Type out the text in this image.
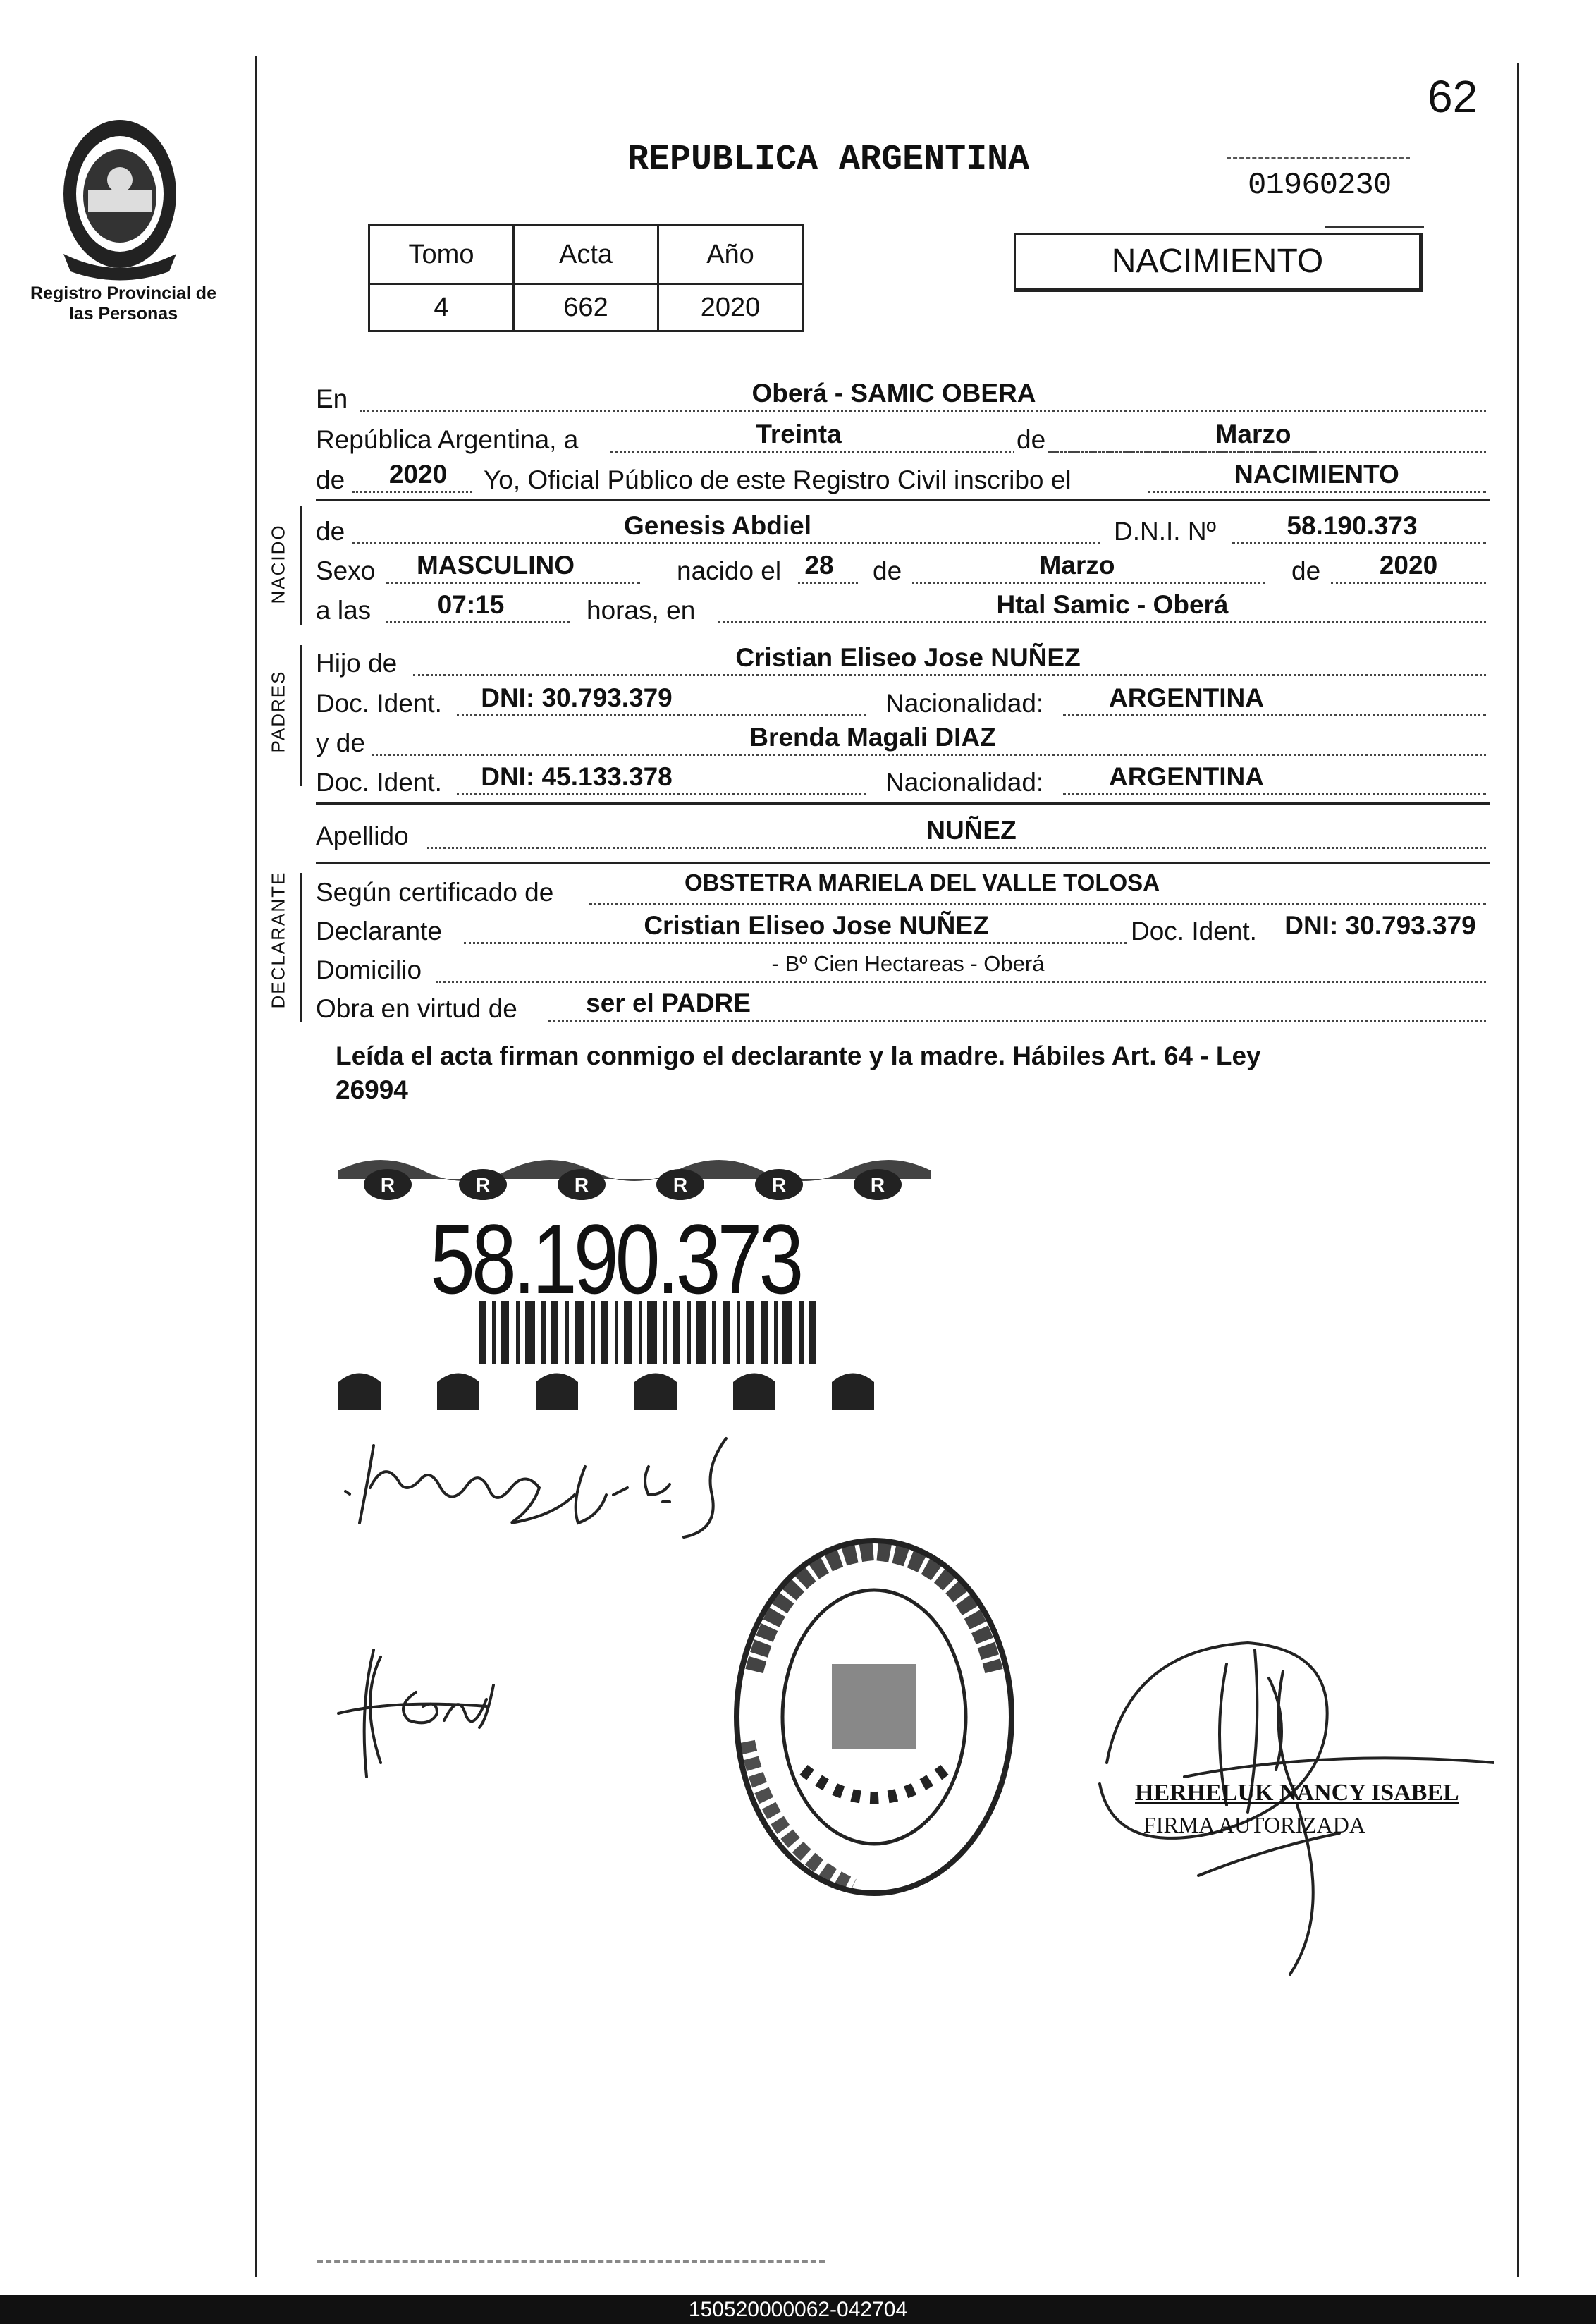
Registro Provincial de las Personas
62
REPUBLICA ARGENTINA
01960230
Tomo	Acta	Año
4	662	2020
NACIMIENTO
En	Oberá - SAMIC OBERA
República Argentina, a	Treinta	de	Marzo
de	2020	Yo, Oficial Público de este Registro Civil inscribo el	NACIMIENTO
NACIDO de	Genesis Abdiel	D.N.I. Nº	58.190.373
Sexo	MASCULINO	nacido el 28 de	Marzo	de	2020
a las	07:15	horas, en	Htal Samic - Oberá
PADRES
Hijo de	Cristian Eliseo Jose NUÑEZ
Doc. Ident.	DNI: 30.793.379	Nacionalidad:	ARGENTINA
y de	Brenda Magali DIAZ
Doc. Ident.	DNI: 45.133.378	Nacionalidad:	ARGENTINA
Apellido	NUÑEZ
DECLARANTE Según certificado de	OBSTETRA MARIELA DEL VALLE TOLOSA
Declarante	Cristian Eliseo Jose NUÑEZ	Doc. Ident.	DNI: 30.793.379
Domicilio	- Bº Cien Hectareas - Oberá
Obra en virtud de	ser el PADRE
Leída el acta firman conmigo el declarante y la madre. Hábiles Art. 64 - Ley
26994
R	R	R	R	R	R
58.190.373
HERHELUK NANCY ISABEL
FIRMA AUTORIZADA
150520000062-042704
